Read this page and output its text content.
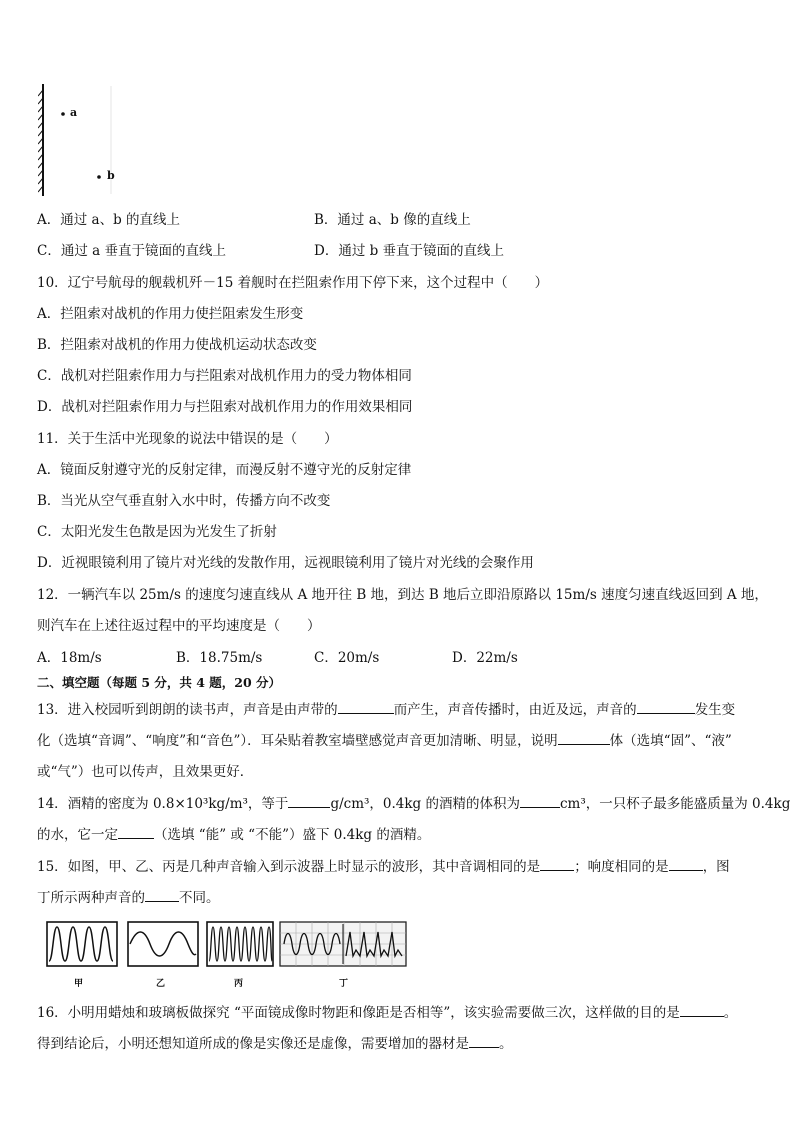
a
b
A．通过 a、b 的直线上	B．通过 a、b 像的直线上
C．通过 a 垂直于镜面的直线上	D．通过 b 垂直于镜面的直线上
10．辽宁号航母的舰载机歼－15 着舰时在拦阻索作用下停下来，这个过程中（　　）
A．拦阻索对战机的作用力使拦阻索发生形变
B．拦阻索对战机的作用力使战机运动状态改变
C．战机对拦阻索作用力与拦阻索对战机作用力的受力物体相同
D．战机对拦阻索作用力与拦阻索对战机作用力的作用效果相同
11．关于生活中光现象的说法中错误的是（　　）
A．镜面反射遵守光的反射定律，而漫反射不遵守光的反射定律
B．当光从空气垂直射入水中时，传播方向不改变
C．太阳光发生色散是因为光发生了折射
D．近视眼镜利用了镜片对光线的发散作用，远视眼镜利用了镜片对光线的会聚作用
12．一辆汽车以 25m/s 的速度匀速直线从 A 地开往 B 地，到达 B 地后立即沿原路以 15m/s 速度匀速直线返回到 A 地，
则汽车在上述往返过程中的平均速度是（　　）
A．18m/s	B．18.75m/s	C．20m/s	D．22m/s
二、填空题（每题 5 分，共 4 题，20 分）
13．进入校园听到朗朗的读书声，声音是由声带的	而产生，声音传播时，由近及远，声音的	发生变
化（选填“音调”、“响度”和“音色”）．耳朵贴着教室墙壁感觉声音更加清晰、明显，说明	体（选填“固”、“液”
或“气”）也可以传声，且效果更好．
14．酒精的密度为 0.8×10³kg/m³，等于	g/cm³，0.4kg 的酒精的体积为	cm³，一只杯子最多能盛质量为 0.4kg
的水，它一定	（选填 “能” 或 “不能”）盛下 0.4kg 的酒精。
15．如图，甲、乙、丙是几种声音输入到示波器上时显示的波形，其中音调相同的是	；响度相同的是	，图
丁所示两种声音的	不同。
甲	乙	丙	丁
16．小明用蜡烛和玻璃板做探究 “平面镜成像时物距和像距是否相等”，该实验需要做三次，这样做的目的是	。
得到结论后，小明还想知道所成的像是实像还是虚像，需要增加的器材是 。
